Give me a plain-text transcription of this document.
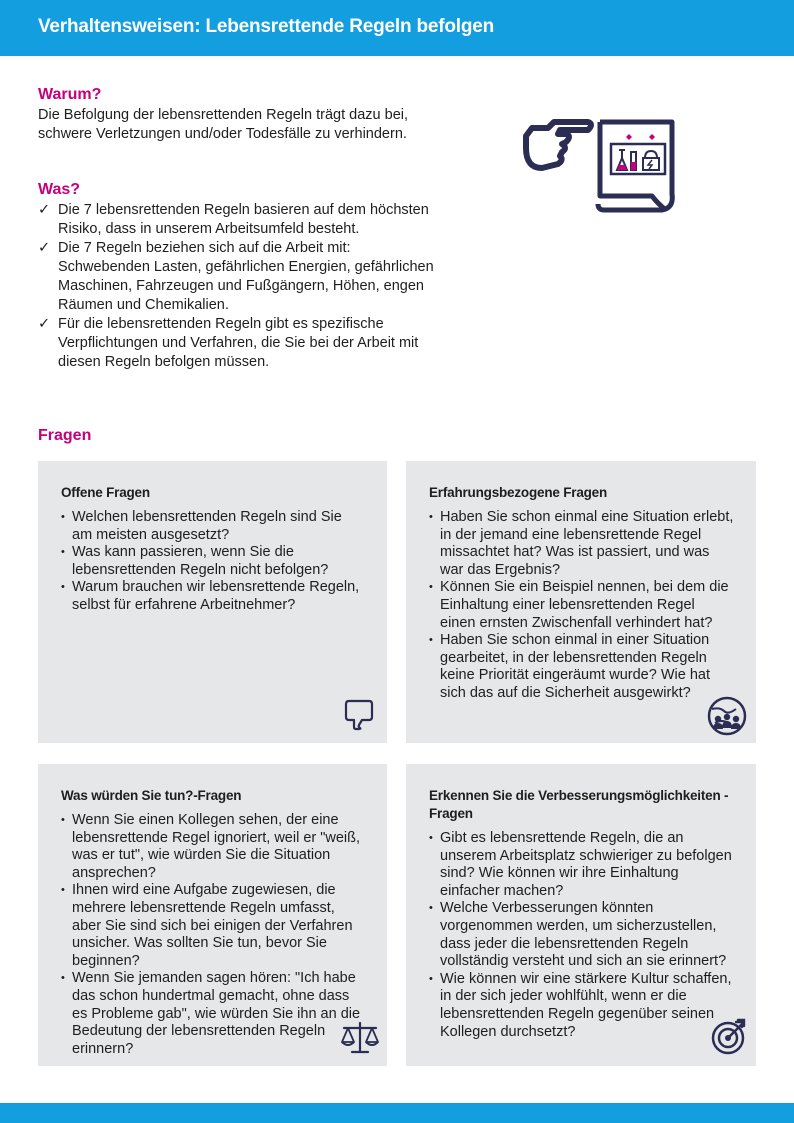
Verhaltensweisen: Lebensrettende Regeln befolgen
Warum?

Die Befolgung der lebensrettenden Regeln trägt dazu bei, schwere Verletzungen und/oder Todesfälle zu verhindern.

Was?
✓ Die 7 lebensrettenden Regeln basieren auf dem höchsten Risiko, dass in unserem Arbeitsumfeld besteht.
✓ Die 7 Regeln beziehen sich auf die Arbeit mit: Schwebenden Lasten, gefährlichen Energien, gefährlichen Maschinen, Fahrzeugen und Fußgängern, Höhen, engen Räumen und Chemikalien.
✓ Für die lebensrettenden Regeln gibt es spezifische Verpflichtungen und Verfahren, die Sie bei der Arbeit mit diesen Regeln befolgen müssen.
Fragen
Offene Fragen
• Welchen lebensrettenden Regeln sind Sie am meisten ausgesetzt?
• Was kann passieren, wenn Sie die lebensrettenden Regeln nicht befolgen?
• Warum brauchen wir lebensrettende Regeln, selbst für erfahrene Arbeitnehmer?
Erfahrungsbezogene Fragen
• Haben Sie schon einmal eine Situation erlebt, in der jemand eine lebensrettende Regel missachtet hat? Was ist passiert, und was war das Ergebnis?
• Können Sie ein Beispiel nennen, bei dem die Einhaltung einer lebensrettenden Regel einen ernsten Zwischenfall verhindert hat?
• Haben Sie schon einmal in einer Situation gearbeitet, in der lebensrettenden Regeln keine Priorität eingeräumt wurde? Wie hat sich das auf die Sicherheit ausgewirkt?
Was würden Sie tun?-Fragen
• Wenn Sie einen Kollegen sehen, der eine lebensrettende Regel ignoriert, weil er "weiß, was er tut", wie würden Sie die Situation ansprechen?
• Ihnen wird eine Aufgabe zugewiesen, die mehrere lebensrettende Regeln umfasst, aber Sie sind sich bei einigen der Verfahren unsicher. Was sollten Sie tun, bevor Sie beginnen?
• Wenn Sie jemanden sagen hören: "Ich habe das schon hundertmal gemacht, ohne dass es Probleme gab", wie würden Sie ihn an die Bedeutung der lebensrettenden Regeln erinnern?
Erkennen Sie die Verbesserungsmöglichkeiten - Fragen
• Gibt es lebensrettende Regeln, die an unserem Arbeitsplatz schwieriger zu befolgen sind? Wie können wir ihre Einhaltung einfacher machen?
• Welche Verbesserungen könnten vorgenommen werden, um sicherzustellen, dass jeder die lebensrettenden Regeln vollständig versteht und sich an sie erinnert?
• Wie können wir eine stärkere Kultur schaffen, in der sich jeder wohlfühlt, wenn er die lebensrettenden Regeln gegenüber seinen Kollegen durchsetzt?
